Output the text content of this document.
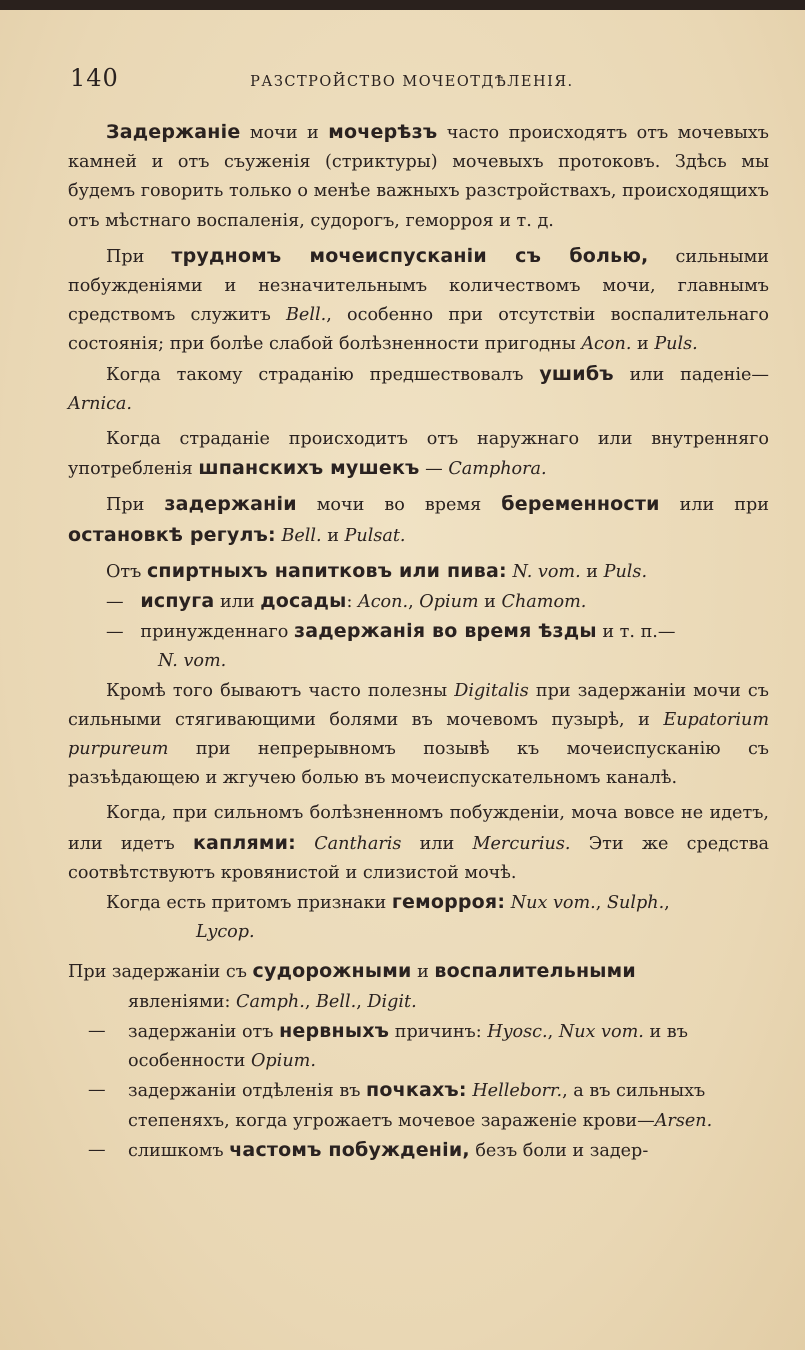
140	РАЗСТРОЙСТВО МОЧЕОТДѢЛЕНІЯ.

Задержаніе мочи и мочерѣзъ часто происходятъ отъ мочевыхъ камней и отъ съуженія (стриктуры) мочевыхъ протоковъ. Здѣсь мы будемъ говорить только о менѣе важныхъ разстройствахъ, происходящихъ отъ мѣстнаго воспаленія, судорогъ, геморроя и т. д.

При трудномъ мочеиспусканіи съ болью, сильными побужденіями и незначительнымъ количествомъ мочи, главнымъ средствомъ служитъ Bell., особенно при отсутствіи воспалительнаго состоянія; при болѣе слабой болѣзненности пригодны Acon. и Puls.

Когда такому страданію предшествовалъ ушибъ или паденіе—Arnica.

Когда страданіе происходитъ отъ наружнаго или внутренняго употребленія шпанскихъ мушекъ — Camphora.

При задержаніи мочи во время беременности или при остановкѣ регулъ: Bell. и Pulsat.

Отъ спиртныхъ напитковъ или пива: N. vom. и Puls.

— испуга или досады: Acon., Opium и Chamom.

— принужденнаго задержанія во время ѣзды и т. п.—
N. vom.

Кромѣ того бываютъ часто полезны Digitalis при задержаніи мочи съ сильными стягивающими болями въ мочевомъ пузырѣ, и Eupatorium purpureum при непрерывномъ позывѣ къ мочеиспусканію съ разъѣдающею и жгучею болью въ мочеиспускательномъ каналѣ.

Когда, при сильномъ болѣзненномъ побужденіи, моча вовсе не идетъ, или идетъ каплями: Cantharis или Mercurius. Эти же средства соотвѣтствуютъ кровянистой и слизистой мочѣ.

Когда есть притомъ признаки геморроя: Nux vom., Sulph.,
Lycop.

При задержаніи съ судорожными и воспалительными
явленіями: Camph., Bell., Digit.

— задержаніи отъ нервныхъ причинъ: Hyosc., Nux vom. и въ особенности Opium.

— задержаніи отдѣленія въ почкахъ: Helleborr., а въ сильныхъ степеняхъ, когда угрожаетъ мочевое зараженіе крови—Arsen.

— слишкомъ частомъ побужденіи, безъ боли и задер-
